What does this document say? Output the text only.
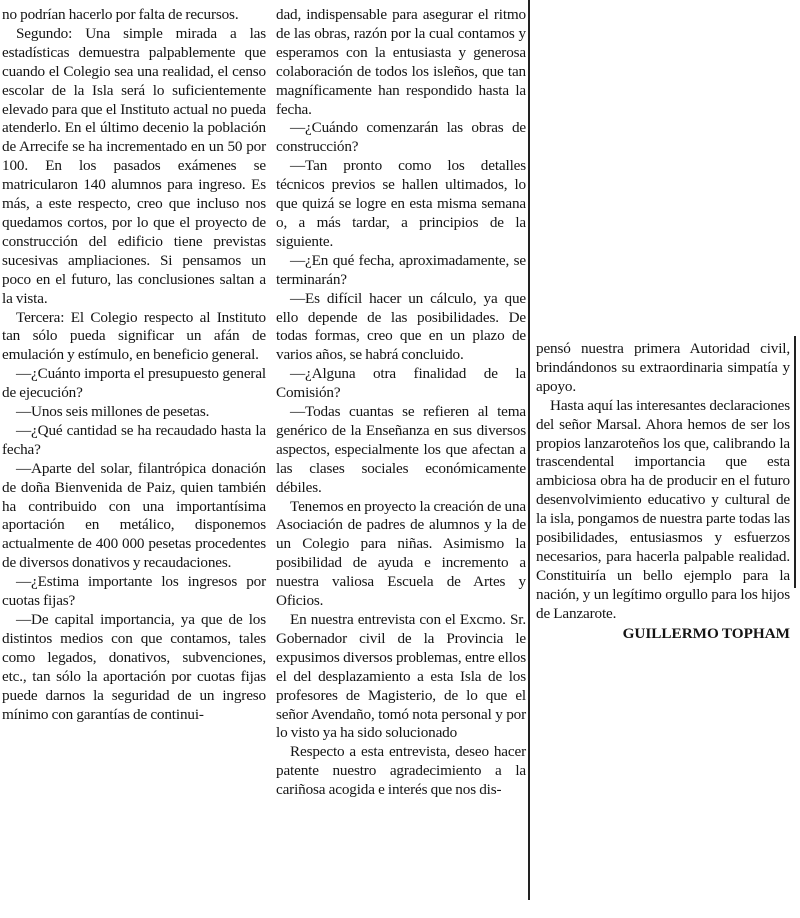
no podrían hacerlo por falta de recursos.

Segundo: Una simple mirada a las estadísticas demuestra palpablemente que cuando el Colegio sea una realidad, el censo escolar de la Isla será lo suficientemente elevado para que el Instituto actual no pueda atenderlo. En el último decenio la población de Arrecife se ha incrementado en un 50 por 100. En los pasados exámenes se matricularon 140 alumnos para ingreso. Es más, a este respecto, creo que incluso nos quedamos cortos, por lo que el proyecto de construcción del edificio tiene previstas sucesivas ampliaciones. Si pensamos un poco en el futuro, las conclusiones saltan a la vista.

Tercera: El Colegio respecto al Instituto tan sólo pueda significar un afán de emulación y estímulo, en beneficio general.

—¿Cuánto importa el presupuesto general de ejecución?

—Unos seis millones de pesetas.

—¿Qué cantidad se ha recaudado hasta la fecha?

—Aparte del solar, filantrópica donación de doña Bienvenida de Paiz, quien también ha contribuido con una importantísima aportación en metálico, disponemos actualmente de 400 000 pesetas procedentes de diversos donativos y recaudaciones.

—¿Estima importante los ingresos por cuotas fijas?

—De capital importancia, ya que de los distintos medios con que contamos, tales como legados, donativos, subvenciones, etc., tan sólo la aportación por cuotas fijas puede darnos la seguridad de un ingreso mínimo con garantías de continui-

dad, indispensable para asegurar el ritmo de las obras, razón por la cual contamos y esperamos con la entusiasta y generosa colaboración de todos los isleños, que tan magníficamente han respondido hasta la fecha.

—¿Cuándo comenzarán las obras de construcción?

—Tan pronto como los detalles técnicos previos se hallen ultimados, lo que quizá se logre en esta misma semana o, a más tardar, a principios de la siguiente.

—¿En qué fecha, aproximadamente, se terminarán?

—Es difícil hacer un cálculo, ya que ello depende de las posibilidades. De todas formas, creo que en un plazo de varios años, se habrá concluido.

—¿Alguna otra finalidad de la Comisión?

—Todas cuantas se refieren al tema genérico de la Enseñanza en sus diversos aspectos, especialmente los que afectan a las clases sociales económicamente débiles.

Tenemos en proyecto la creación de una Asociación de padres de alumnos y la de un Colegio para niñas. Asimismo la posibilidad de ayuda e incremento a nuestra valiosa Escuela de Artes y Oficios.

En nuestra entrevista con el Excmo. Sr. Gobernador civil de la Provincia le expusimos diversos problemas, entre ellos el del desplazamiento a esta Isla de los profesores de Magisterio, de lo que el señor Avendaño, tomó nota personal y por lo visto ya ha sido solucionado

Respecto a esta entrevista, deseo hacer patente nuestro agradecimiento a la cariñosa acogida e interés que nos dis-

pensó nuestra primera Autoridad civil, brindándonos su extraordinaria simpatía y apoyo.

Hasta aquí las interesantes declaraciones del señor Marsal. Ahora hemos de ser los propios lanzaroteños los que, calibrando la trascendental importancia que esta ambiciosa obra ha de producir en el futuro desenvolvimiento educativo y cultural de la isla, pongamos de nuestra parte todas las posibilidades, entusiasmos y esfuerzos necesarios, para hacerla palpable realidad. Constituiría un bello ejemplo para la nación, y un legítimo orgullo para los hijos de Lanzarote.

GUILLERMO TOPHAM
